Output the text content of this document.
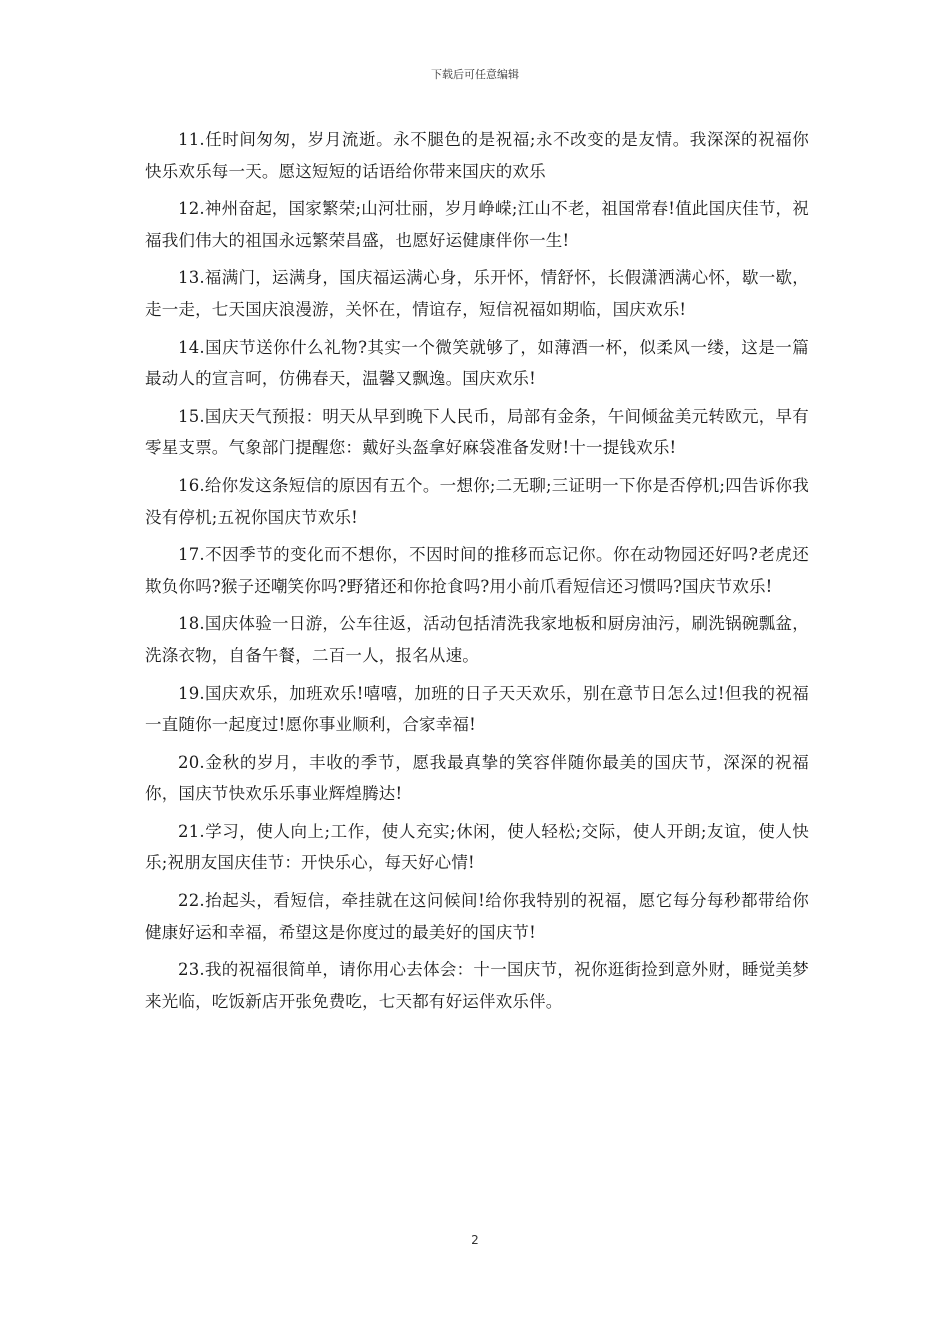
下载后可任意编辑

11.任时间匆匆，岁月流逝。永不腿色的是祝福;永不改变的是友情。我深深的祝福你快乐欢乐每一天。愿这短短的话语给你带来国庆的欢乐

12.神州奋起，国家繁荣;山河壮丽，岁月峥嵘;江山不老，祖国常春!值此国庆佳节，祝福我们伟大的祖国永远繁荣昌盛，也愿好运健康伴你一生!

13.福满门，运满身，国庆福运满心身，乐开怀，情舒怀，长假潇洒满心怀，歇一歇，走一走，七天国庆浪漫游，关怀在，情谊存，短信祝福如期临，国庆欢乐!

14.国庆节送你什么礼物?其实一个微笑就够了，如薄酒一杯，似柔风一缕，这是一篇最动人的宣言呵，仿佛春天，温馨又飘逸。国庆欢乐!

15.国庆天气预报：明天从早到晚下人民币，局部有金条，午间倾盆美元转欧元，早有零星支票。气象部门提醒您：戴好头盔拿好麻袋准备发财!十一提钱欢乐!

16.给你发这条短信的原因有五个。一想你;二无聊;三证明一下你是否停机;四告诉你我没有停机;五祝你国庆节欢乐!

17.不因季节的变化而不想你，不因时间的推移而忘记你。你在动物园还好吗?老虎还欺负你吗?猴子还嘲笑你吗?野猪还和你抢食吗?用小前爪看短信还习惯吗?国庆节欢乐!

18.国庆体验一日游，公车往返，活动包括清洗我家地板和厨房油污，刷洗锅碗瓢盆，洗涤衣物，自备午餐，二百一人，报名从速。

19.国庆欢乐，加班欢乐!嘻嘻，加班的日子天天欢乐，别在意节日怎么过!但我的祝福一直随你一起度过!愿你事业顺利，合家幸福!

20.金秋的岁月，丰收的季节，愿我最真挚的笑容伴随你最美的国庆节，深深的祝福你，国庆节快欢乐乐事业辉煌腾达!

21.学习，使人向上;工作，使人充实;休闲，使人轻松;交际，使人开朗;友谊，使人快乐;祝朋友国庆佳节：开快乐心，每天好心情!

22.抬起头，看短信，牵挂就在这问候间!给你我特别的祝福，愿它每分每秒都带给你健康好运和幸福，希望这是你度过的最美好的国庆节!

23.我的祝福很简单，请你用心去体会：十一国庆节，祝你逛街捡到意外财，睡觉美梦来光临，吃饭新店开张免费吃，七天都有好运伴欢乐伴。

2
